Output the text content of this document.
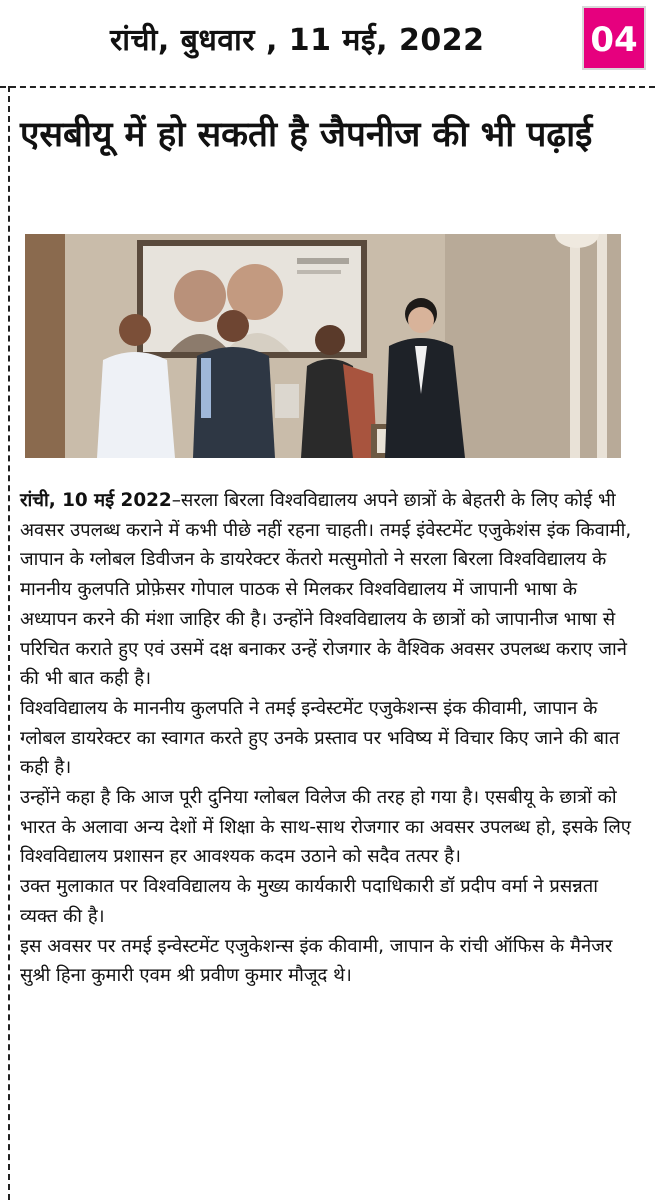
रांची, बुधवार , 11 मई, 2022	04
एसबीयू में हो सकती है जैपनीज की भी पढ़ाई

रांची, 10 मई 2022–सरला बिरला विश्वविद्यालय अपने छात्रों के बेहतरी के लिए कोई भी अवसर उपलब्ध कराने में कभी पीछे नहीं रहना चाहती। तमई इंवेस्टमेंट एजुकेशंस इंक किवामी, जापान के ग्लोबल डिवीजन के डायरेक्टर केंतरो मत्सुमोतो ने सरला बिरला विश्वविद्यालय के माननीय कुलपति प्रोफ़ेसर गोपाल पाठक से मिलकर विश्वविद्यालय में जापानी भाषा के अध्यापन करने की मंशा जाहिर की है। उन्होंने विश्वविद्यालय के छात्रों को जापानीज भाषा से परिचित कराते हुए एवं उसमें दक्ष बनाकर उन्हें रोजगार के वैश्विक अवसर उपलब्ध कराए जाने की भी बात कही है।

विश्वविद्यालय के माननीय कुलपति ने तमई इन्वेस्टमेंट एजुकेशन्स इंक कीवामी, जापान के ग्लोबल डायरेक्टर का स्वागत करते हुए उनके प्रस्ताव पर भविष्य में विचार किए जाने की बात कही है।

उन्होंने कहा है कि आज पूरी दुनिया ग्लोबल विलेज की तरह हो गया है। एसबीयू के छात्रों को भारत के अलावा अन्य देशों में शिक्षा के साथ-साथ रोजगार का अवसर उपलब्ध हो, इसके लिए विश्वविद्यालय प्रशासन हर आवश्यक कदम उठाने को सदैव तत्पर है।

उक्त मुलाकात पर विश्वविद्यालय के मुख्य कार्यकारी पदाधिकारी डॉ प्रदीप वर्मा ने प्रसन्नता व्यक्त की है।

इस अवसर पर तमई इन्वेस्टमेंट एजुकेशन्स इंक कीवामी, जापान के रांची ऑफिस के मैनेजर सुश्री हिना कुमारी एवम श्री प्रवीण कुमार मौजूद थे।
